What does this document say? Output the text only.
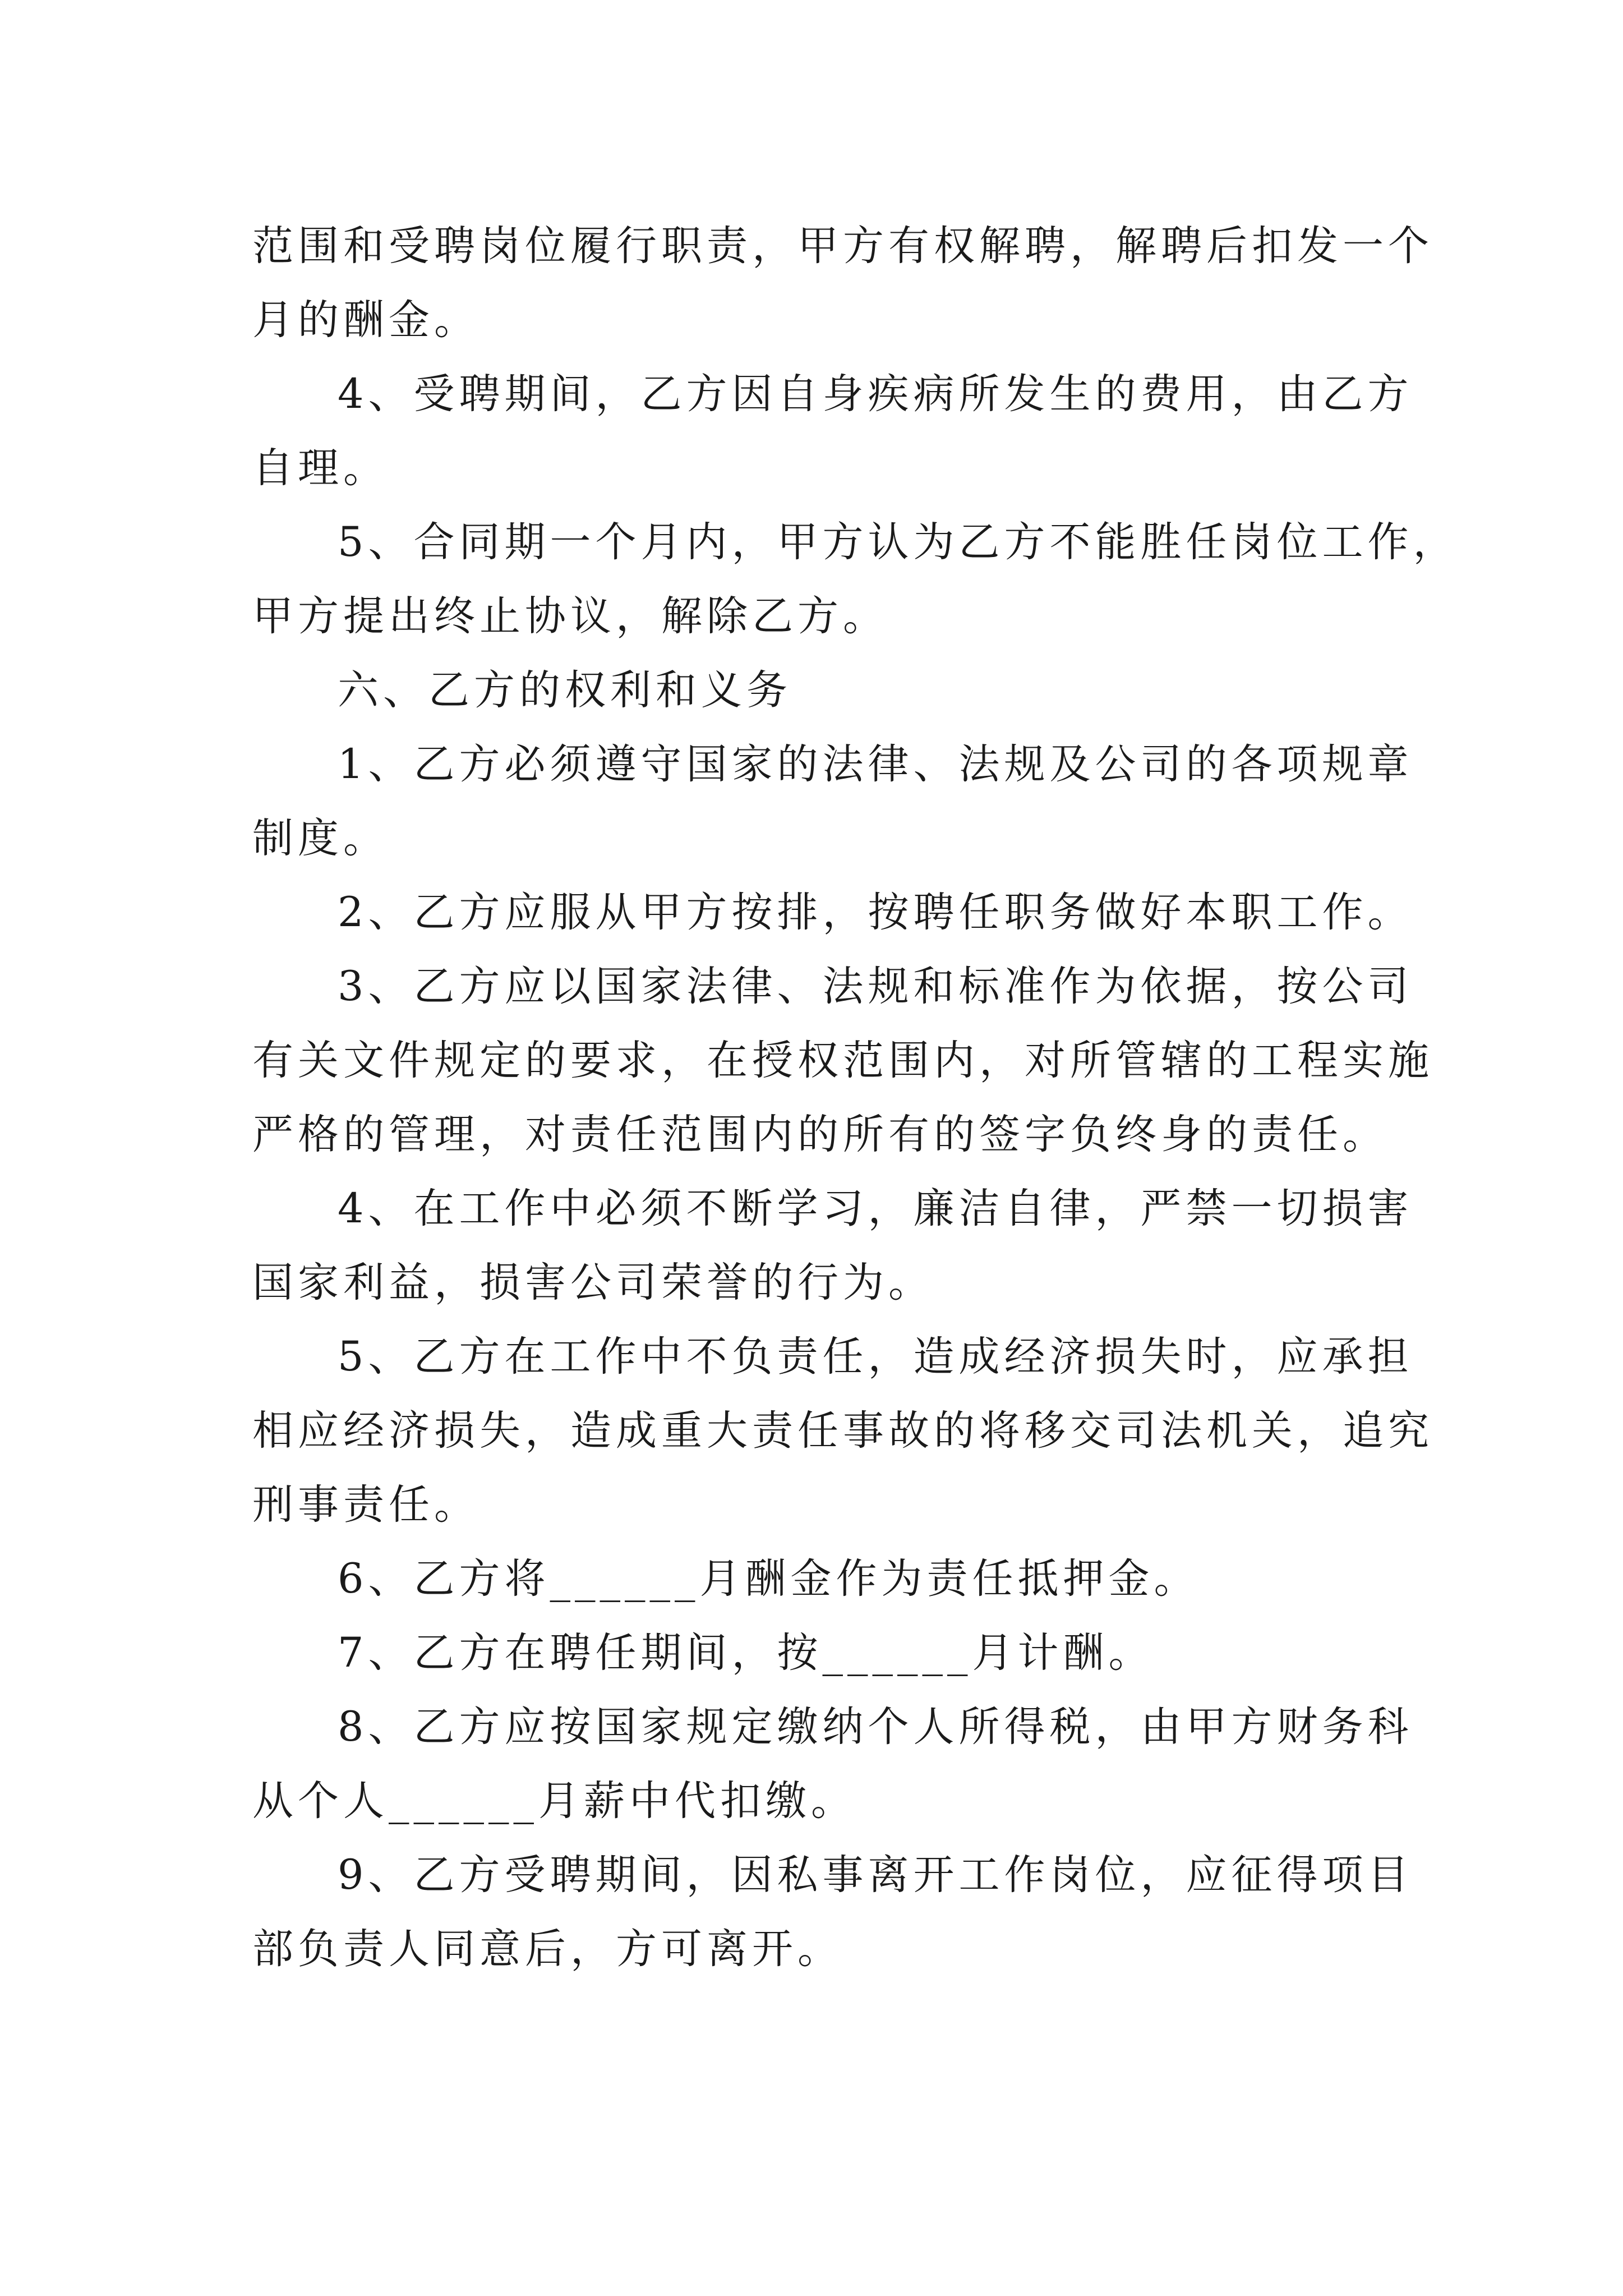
范围和受聘岗位履行职责，甲方有权解聘，解聘后扣发一个

月的酬金。

4、受聘期间，乙方因自身疾病所发生的费用，由乙方

自理。

5、合同期一个月内，甲方认为乙方不能胜任岗位工作，

甲方提出终止协议，解除乙方。

六、乙方的权利和义务

1、乙方必须遵守国家的法律、法规及公司的各项规章

制度。

2、乙方应服从甲方按排，按聘任职务做好本职工作。

3、乙方应以国家法律、法规和标准作为依据，按公司

有关文件规定的要求，在授权范围内，对所管辖的工程实施

严格的管理，对责任范围内的所有的签字负终身的责任。

4、在工作中必须不断学习，廉洁自律，严禁一切损害

国家利益，损害公司荣誉的行为。

5、乙方在工作中不负责任，造成经济损失时，应承担

相应经济损失，造成重大责任事故的将移交司法机关，追究

刑事责任。

6、乙方将______月酬金作为责任抵押金。

7、乙方在聘任期间，按______月计酬。

8、乙方应按国家规定缴纳个人所得税，由甲方财务科

从个人______月薪中代扣缴。

9、乙方受聘期间，因私事离开工作岗位，应征得项目

部负责人同意后，方可离开。
